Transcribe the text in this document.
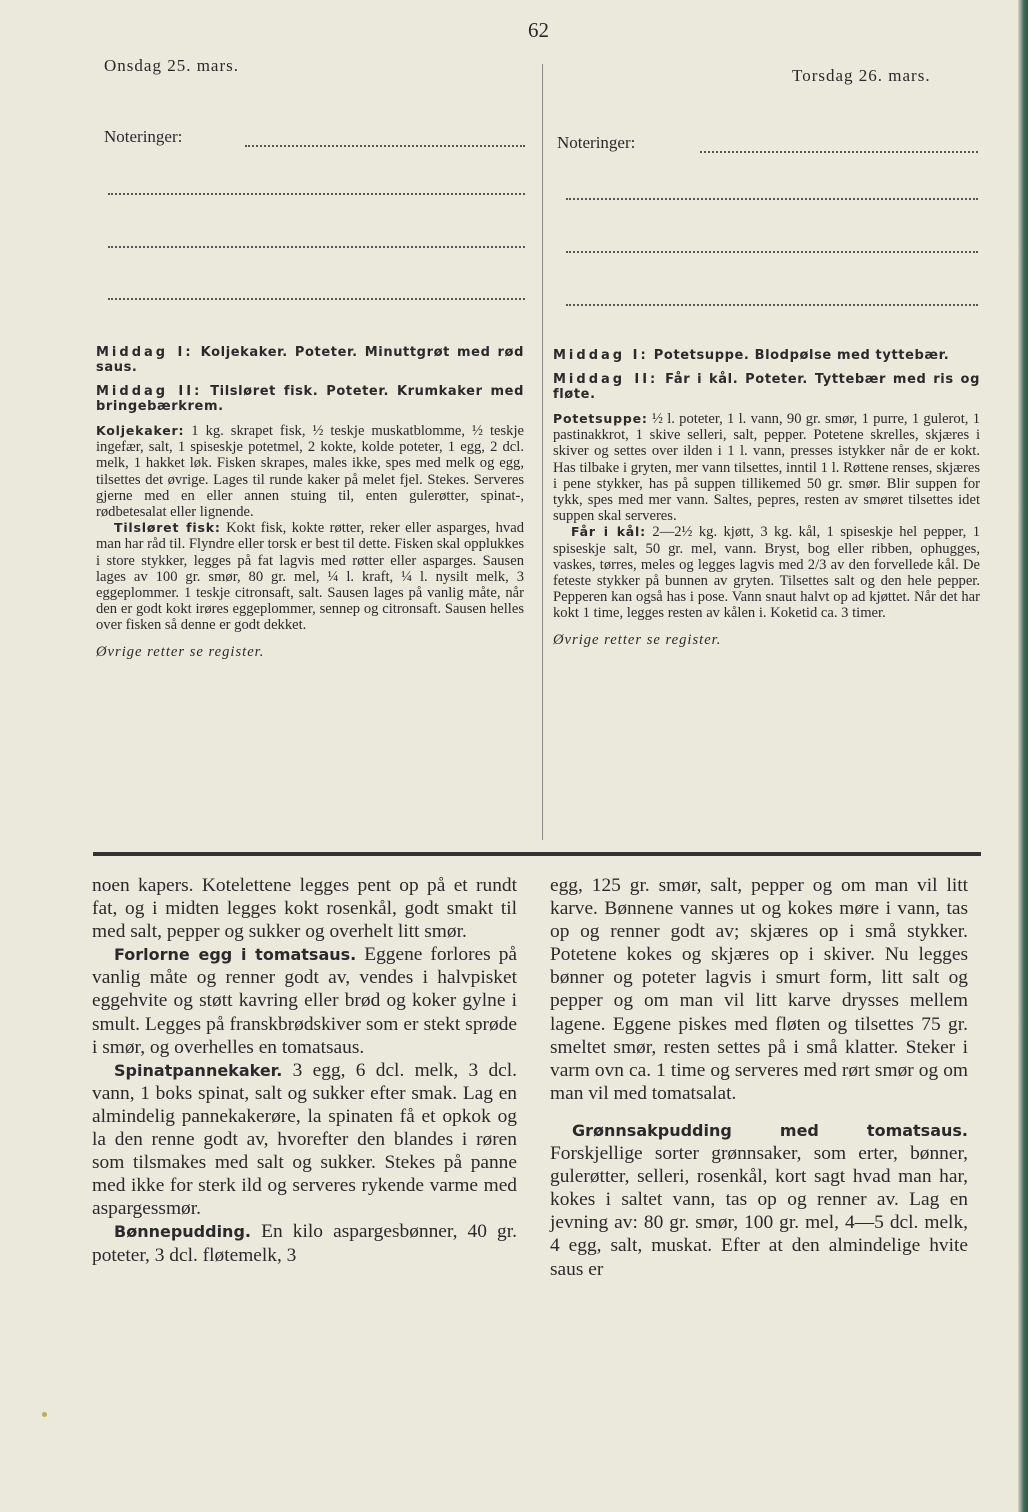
62
Onsdag 25. mars.
Noteringer:
Torsdag 26. mars.
Noteringer:

Middag I: Koljekaker. Poteter. Minuttgrøt med rød saus.

Middag II: Tilsløret fisk. Poteter. Krumkaker med bringebærkrem.

Koljekaker: 1 kg. skrapet fisk, ½ teskje muskatblomme, ½ teskje ingefær, salt, 1 spiseskje potetmel, 2 kokte, kolde poteter, 1 egg, 2 dcl. melk, 1 hakket løk. Fisken skrapes, males ikke, spes med melk og egg, tilsettes det øvrige. Lages til runde kaker på melet fjel. Stekes. Serveres gjerne med en eller annen stuing til, enten gulerøtter, spinat-, rødbetesalat eller lignende.

Tilsløret fisk: Kokt fisk, kokte røtter, reker eller asparges, hvad man har råd til. Flyndre eller torsk er best til dette. Fisken skal opplukkes i store stykker, legges på fat lagvis med røtter eller asparges. Sausen lages av 100 gr. smør, 80 gr. mel, ¼ l. kraft, ¼ l. nysilt melk, 3 eggeplommer. 1 teskje citronsaft, salt. Sausen lages på vanlig måte, når den er godt kokt irøres eggeplommer, sennep og citronsaft. Sausen helles over fisken så denne er godt dekket.

Øvrige retter se register.

Middag I: Potetsuppe. Blodpølse med tyttebær.

Middag II: Får i kål. Poteter. Tyttebær med ris og fløte.

Potetsuppe: ½ l. poteter, 1 l. vann, 90 gr. smør, 1 purre, 1 gulerot, 1 pastinakkrot, 1 skive selleri, salt, pepper. Potetene skrelles, skjæres i skiver og settes over ilden i 1 l. vann, presses istykker når de er kokt. Has tilbake i gryten, mer vann tilsettes, inntil 1 l. Røttene renses, skjæres i pene stykker, has på suppen tillikemed 50 gr. smør. Blir suppen for tykk, spes med mer vann. Saltes, pepres, resten av smøret tilsettes idet suppen skal serveres.

Får i kål: 2—2½ kg. kjøtt, 3 kg. kål, 1 spiseskje hel pepper, 1 spiseskje salt, 50 gr. mel, vann. Bryst, bog eller ribben, ophugges, vaskes, tørres, meles og legges lagvis med 2/3 av den forvellede kål. De feteste stykker på bunnen av gryten. Tilsettes salt og den hele pepper. Pepperen kan også has i pose. Vann snaut halvt op ad kjøttet. Når det har kokt 1 time, legges resten av kålen i. Koketid ca. 3 timer.

Øvrige retter se register.

noen kapers. Kotelettene legges pent op på et rundt fat, og i midten legges kokt rosenkål, godt smakt til med salt, pepper og sukker og overhelt litt smør.

Forlorne egg i tomatsaus. Eggene forlores på vanlig måte og renner godt av, vendes i halvpisket eggehvite og støtt kavring eller brød og koker gylne i smult. Legges på franskbrødskiver som er stekt sprøde i smør, og overhelles en tomatsaus.

Spinatpannekaker. 3 egg, 6 dcl. melk, 3 dcl. vann, 1 boks spinat, salt og sukker efter smak. Lag en almindelig pannekakerøre, la spinaten få et opkok og la den renne godt av, hvorefter den blandes i røren som tilsmakes med salt og sukker. Stekes på panne med ikke for sterk ild og serveres rykende varme med aspargessmør.

Bønnepudding. En kilo aspargesbønner, 40 gr. poteter, 3 dcl. fløtemelk, 3

egg, 125 gr. smør, salt, pepper og om man vil litt karve. Bønnene vannes ut og kokes møre i vann, tas op og renner godt av; skjæres op i små stykker. Potetene kokes og skjæres op i skiver. Nu legges bønner og poteter lagvis i smurt form, litt salt og pepper og om man vil litt karve drysses mellem lagene. Eggene piskes med fløten og tilsettes 75 gr. smeltet smør, resten settes på i små klatter. Steker i varm ovn ca. 1 time og serveres med rørt smør og om man vil med tomatsalat.

Grønnsakpudding med tomatsaus. Forskjellige sorter grønnsaker, som erter, bønner, gulerøtter, selleri, rosenkål, kort sagt hvad man har, kokes i saltet vann, tas op og renner av. Lag en jevning av: 80 gr. smør, 100 gr. mel, 4—5 dcl. melk, 4 egg, salt, muskat. Efter at den almindelige hvite saus er
